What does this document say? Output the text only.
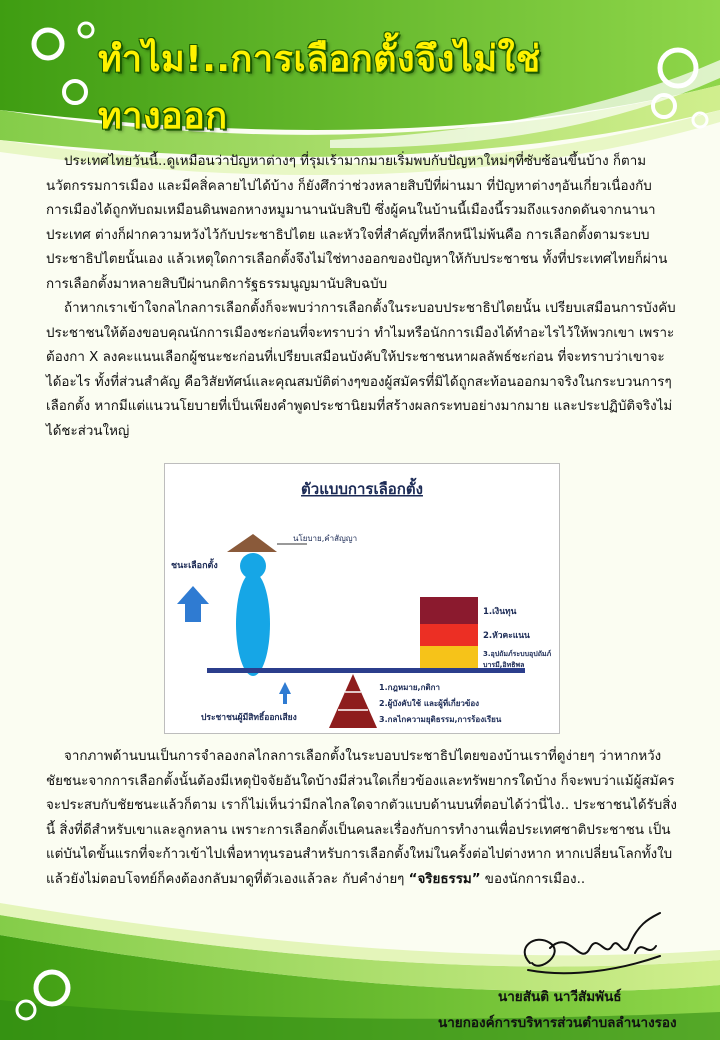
ทำไม!..การเลือกตั้งจึงไม่ใช่ทางออก

ประเทศไทยวันนี้..ดูเหมือนว่าปัญหาต่างๆ ที่รุมเร้ามากมายเริ่มพบกับปัญหาใหม่ๆที่ซับซ้อนขึ้นบ้าง ก็ตามนวัตกรรมการเมือง และมีคสิ่คลายไปได้บ้าง ก็ยังศึกว่าช่วงหลายสิบปีที่ผ่านมา ที่ปัญหาต่างๆอันเกี่ยวเนื่องกับการเมืองได้ถูกทับถมเหมือนดินพอกหางหมูมานานนับสิบปี ซึ่งผู้คนในบ้านนี้เมืองนี้รวมถึงแรงกดดันจากนานาประเทศ ต่างก็ฝากความหวังไว้กับประชาธิปไตย และหัวใจที่สำคัญที่หลีกหนีไม่พ้นคือ การเลือกตั้งตามระบบประชาธิปไตยนั้นเอง แล้วเหตุใดการเลือกตั้งจึงไม่ใช่ทางออกของปัญหาให้กับประชาชน ทั้งที่ประเทศไทยก็ผ่านการเลือกตั้งมาหลายสิบปีผ่านกติการัฐธรรมนูญมานับสิบฉบับ

ถ้าหากเราเข้าใจกลไกลการเลือกตั้งก็จะพบว่าการเลือกตั้งในระบอบประชาธิปไตยนั้น เปรียบเสมือนการบังคับประชาชนให้ต้องขอบคุณนักการเมืองชะก่อนที่จะทราบว่า ทำไมหรือนักการเมืองได้ทำอะไรไว้ให้พวกเขา เพราะต้องกา X ลงคะแนนเลือกผู้ชนะชะก่อนที่เปรียบเสมือนบังคับให้ประชาชนหาผลลัพธ์ชะก่อน ที่จะทราบว่าเขาจะได้อะไร ทั้งที่ส่วนสำคัญ คือวิสัยทัศน์และคุณสมบัติต่างๆของผู้สมัครที่มิได้ถูกสะท้อนออกมาจริงในกระบวนการๆเลือกตั้ง หากมีแต่แนวนโยบายที่เป็นเพียงคำพูดประชานิยมที่สร้างผลกระทบอย่างมากมาย และประปฏิบัติจริงไม่ได้ชะส่วนใหญ่

ตัวแบบการเลือกตั้ง
นโยบาย,คำสัญญา
ชนะเลือกตั้ง
1.เงินทุน
2.หัวคะแนน
3.อุปถัมภ์ระบบอุปถัมภ์
บารมี,อิทธิพล
ประชาชนผู้มีสิทธิ์ออกเสียง
1.กฎหมาย,กติกา
2.ผู้บังคับใช้ และผู้ที่เกี่ยวข้อง
3.กลไกความยุติธรรม,การร้องเรียน

จากภาพด้านบนเป็นการจำลองกลไกลการเลือกตั้งในระบอบประชาธิปไตยของบ้านเราที่ดูง่ายๆ ว่าหากหวังชัยชนะจากการเลือกตั้งนั้นต้องมีเหตุปัจจัยอันใดบ้างมีส่วนใดเกี่ยวข้องและทรัพยากรใดบ้าง ก็จะพบว่าแม้ผู้สมัครจะประสบกับชัยชนะแล้วก็ตาม เราก็ไม่เห็นว่ามีกลไกลใดจากตัวแบบด้านบนที่ตอบได้ว่านี่ไง.. ประชาชนได้รับสิ่งนี้ สิ่งที่ดีสำหรับเขาและลูกหลาน เพราะการเลือกตั้งเป็นคนละเรื่องกับการทำงานเพื่อประเทศชาติประชาชน เป็นแต่บันไดขั้นแรกที่จะก้าวเข้าไปเพื่อหาทุนรอนสำหรับการเลือกตั้งใหม่ในครั้งต่อไปต่างหาก หากเปลี่ยนโลกทั้งใบแล้วยังไม่ตอบโจทย์ก็คงต้องกลับมาดูที่ตัวเองแล้วละ กับคำง่ายๆ “จริยธรรม” ของนักการเมือง..

นายสันติ นาวีสัมพันธ์
นายกองค์การบริหารส่วนตำบลลำนางรอง
